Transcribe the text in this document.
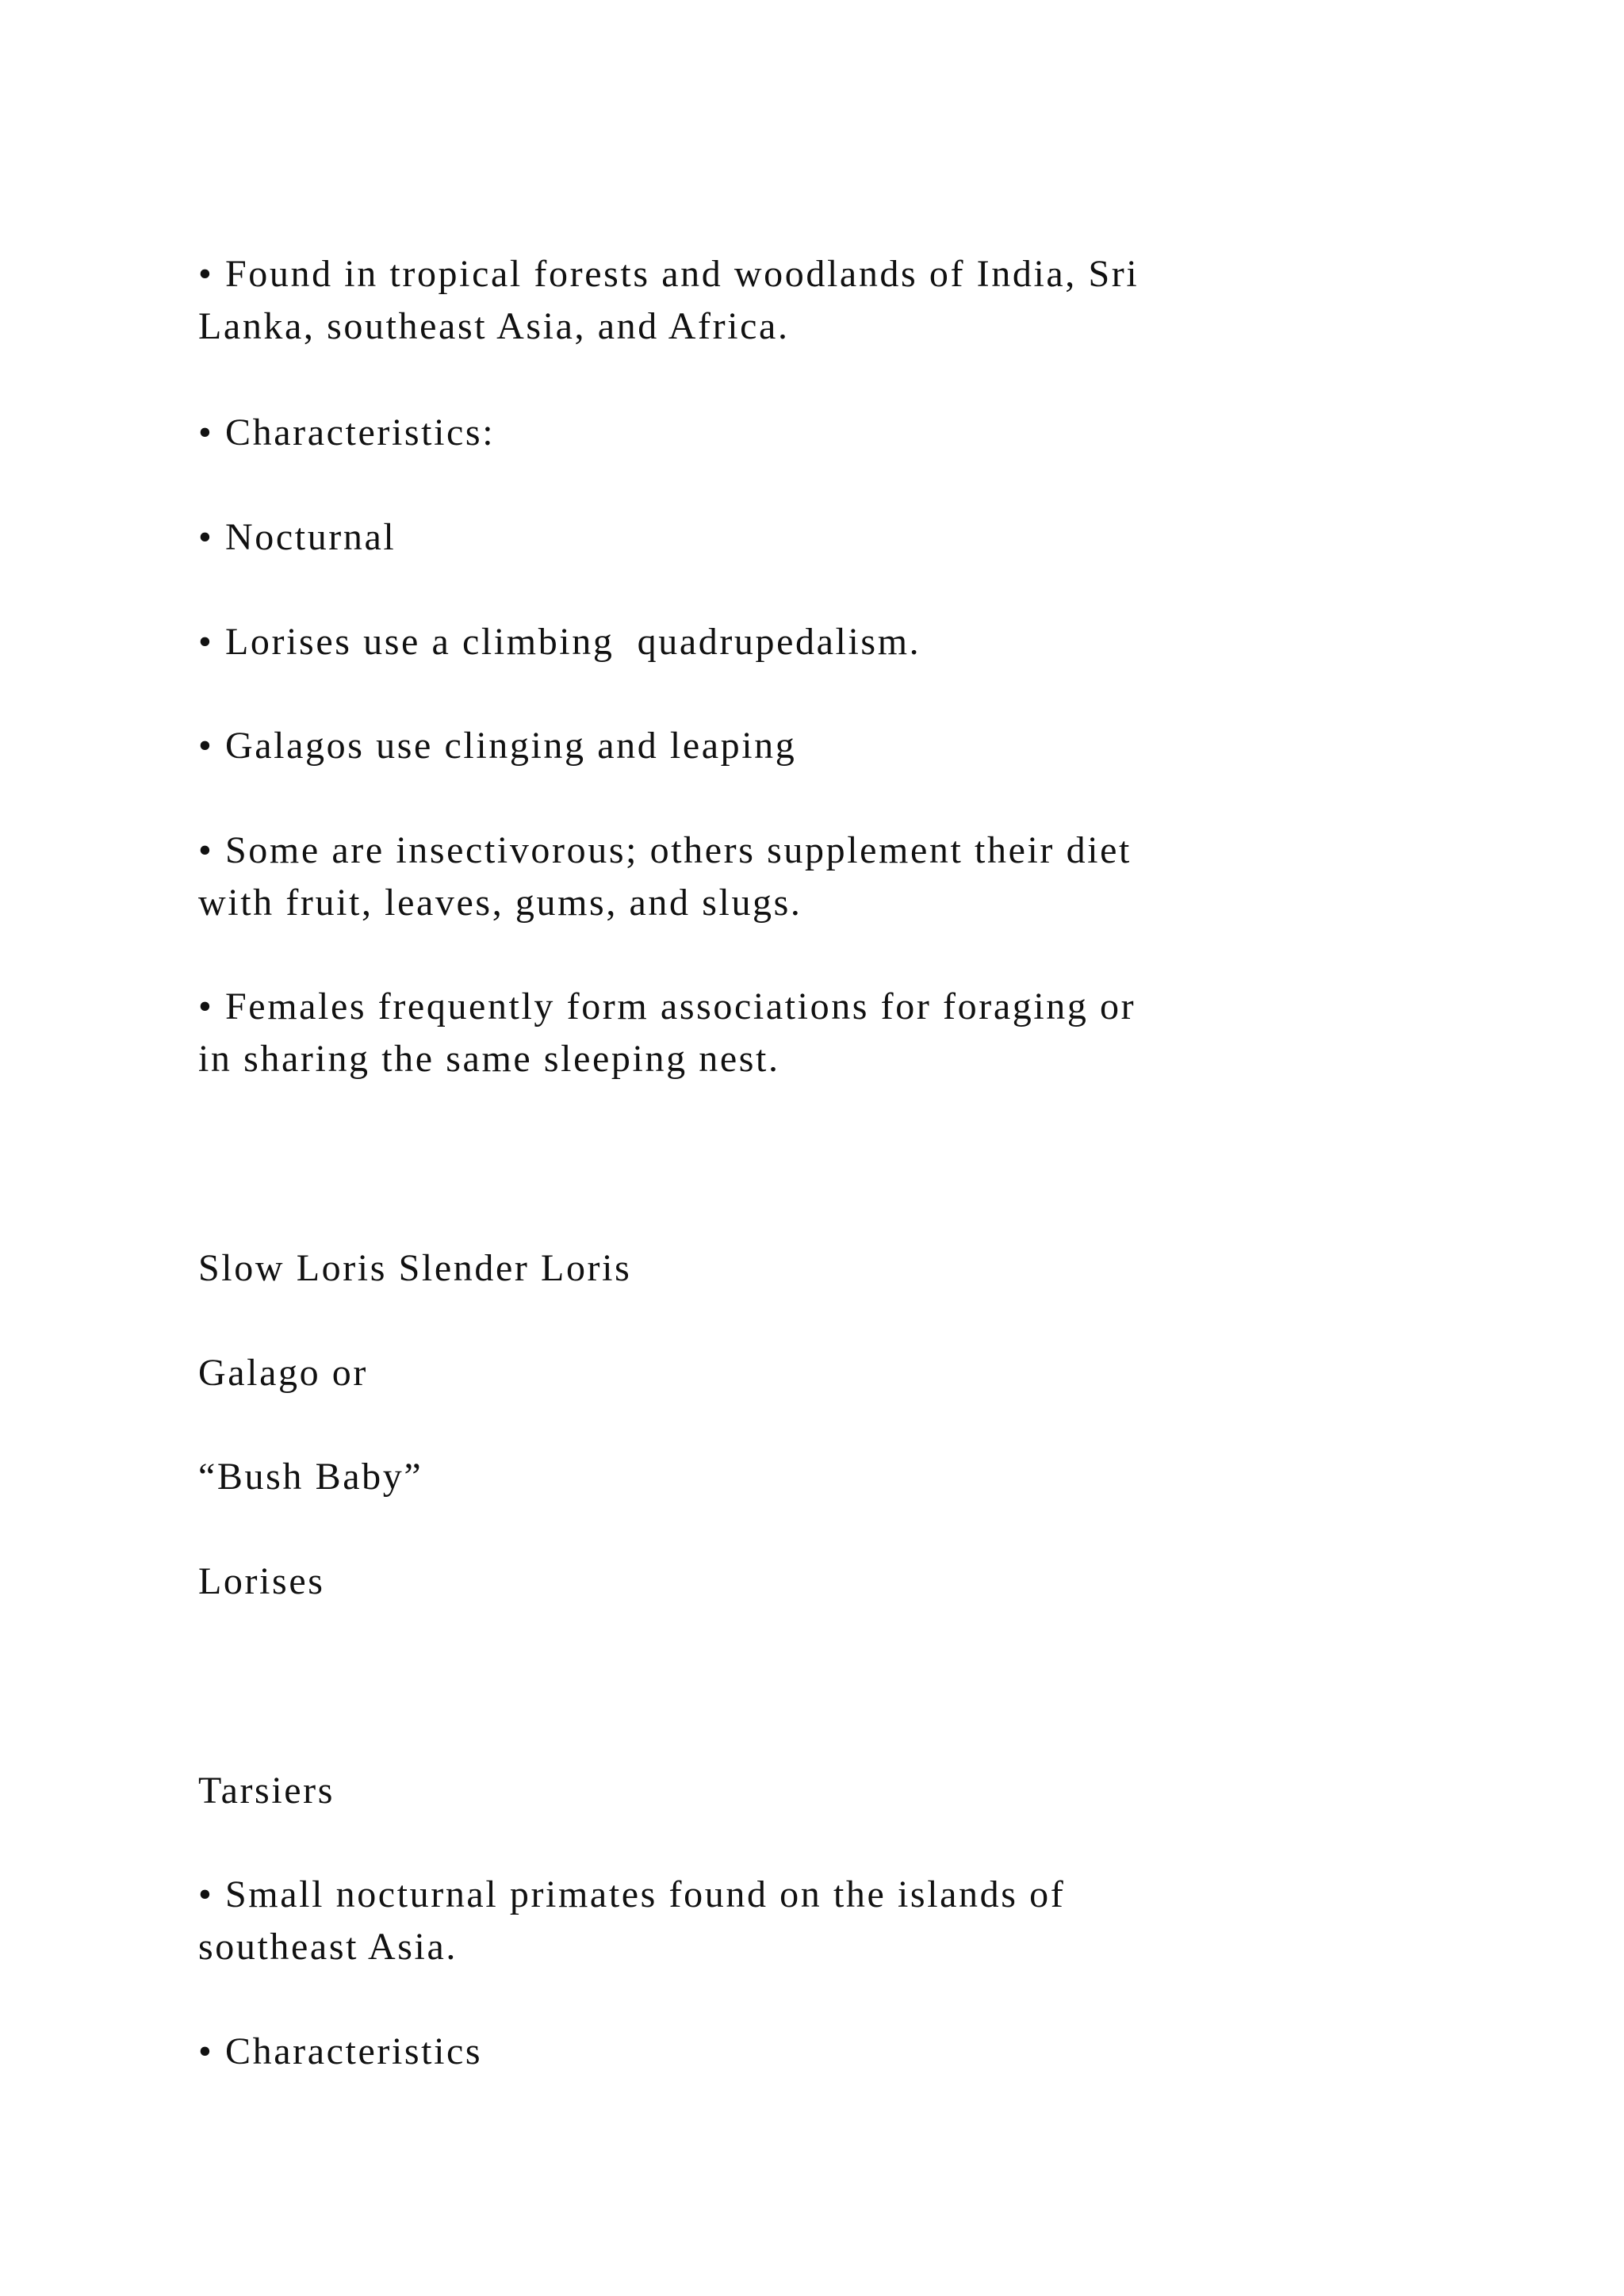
• Found in tropical forests and woodlands of India, Sri
Lanka, southeast Asia, and Africa.

• Characteristics:

• Nocturnal

• Lorises use a climbing  quadrupedalism.

• Galagos use clinging and leaping

• Some are insectivorous; others supplement their diet
with fruit, leaves, gums, and slugs.

• Females frequently form associations for foraging or
in sharing the same sleeping nest.

Slow Loris Slender Loris

Galago or

“Bush Baby”

Lorises

Tarsiers

• Small nocturnal primates found on the islands of
southeast Asia.

• Characteristics
